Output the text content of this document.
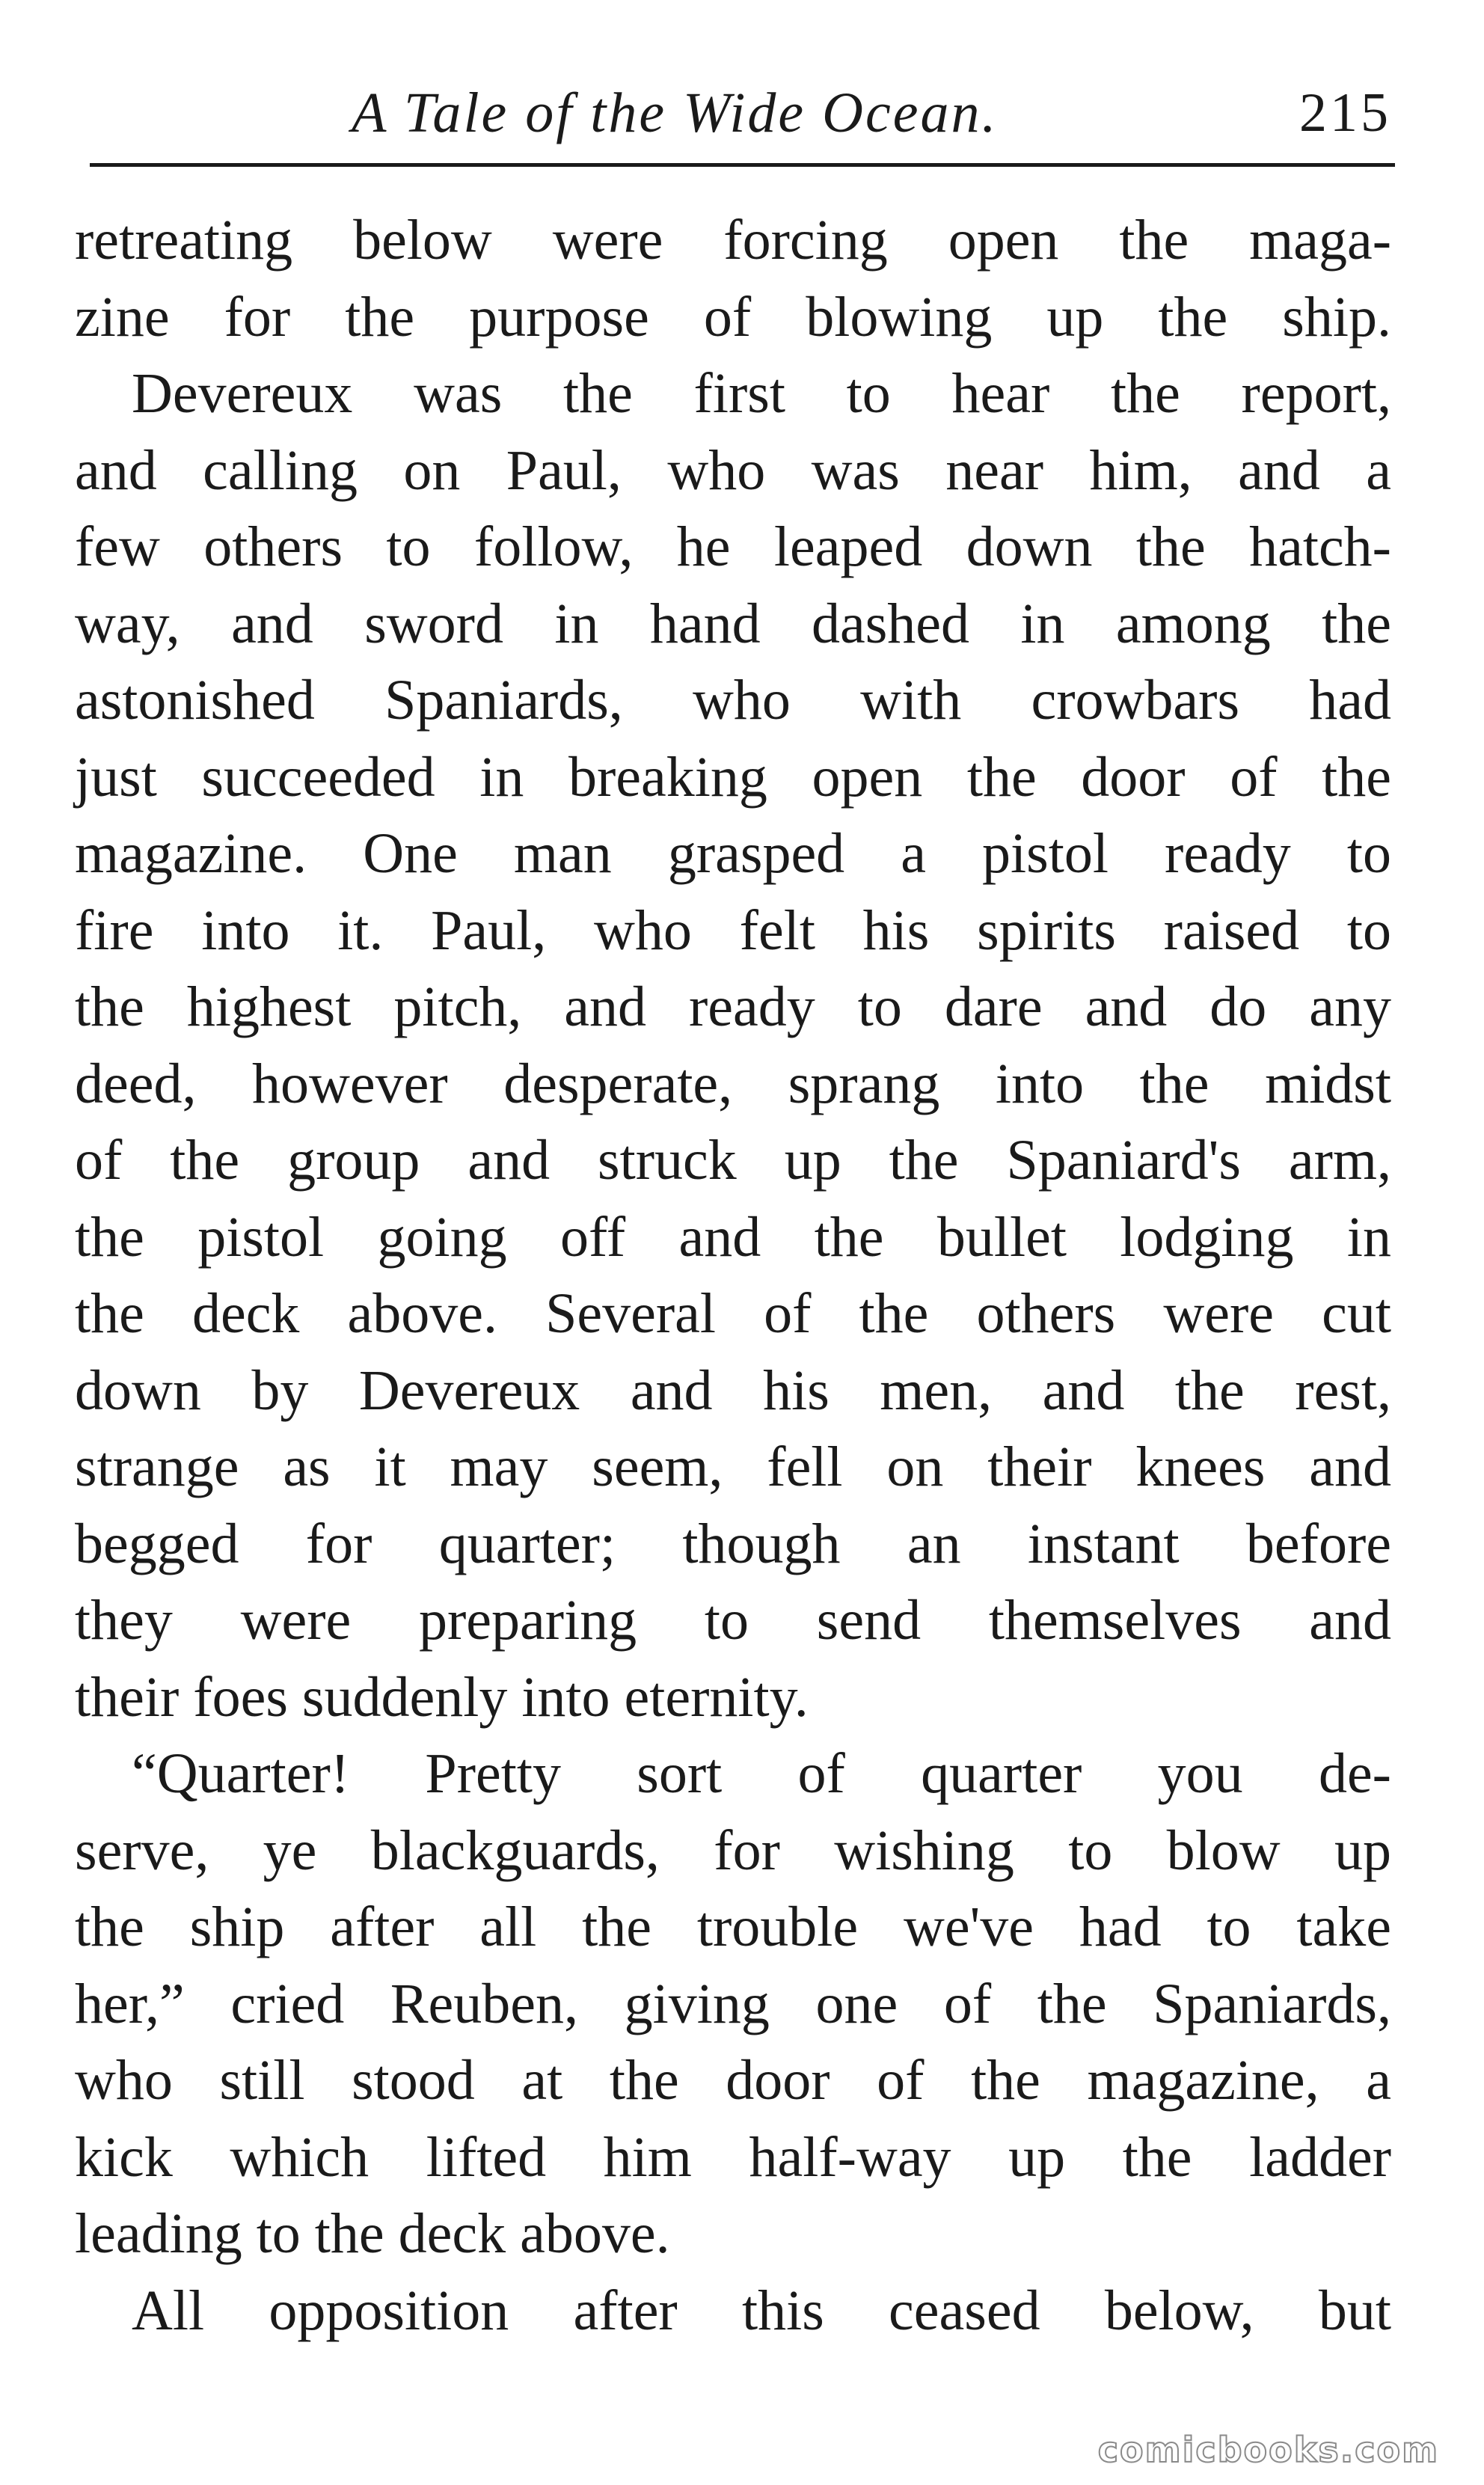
A Tale of the Wide Ocean.	215
retreating below were forcing open the maga-
zine for the purpose of blowing up the ship.
Devereux was the first to hear the report,
and calling on Paul, who was near him, and a
few others to follow, he leaped down the hatch-
way, and sword in hand dashed in among the
astonished Spaniards, who with crowbars had
just succeeded in breaking open the door of the
magazine. One man grasped a pistol ready to
fire into it. Paul, who felt his spirits raised to
the highest pitch, and ready to dare and do any
deed, however desperate, sprang into the midst
of the group and struck up the Spaniard's arm,
the pistol going off and the bullet lodging in
the deck above. Several of the others were cut
down by Devereux and his men, and the rest,
strange as it may seem, fell on their knees and
begged for quarter; though an instant before
they were preparing to send themselves and
their foes suddenly into eternity.
“Quarter! Pretty sort of quarter you de-
serve, ye blackguards, for wishing to blow up
the ship after all the trouble we've had to take
her,” cried Reuben, giving one of the Spaniards,
who still stood at the door of the magazine, a
kick which lifted him half-way up the ladder
leading to the deck above.
All opposition after this ceased below, but
comicbooks.com
